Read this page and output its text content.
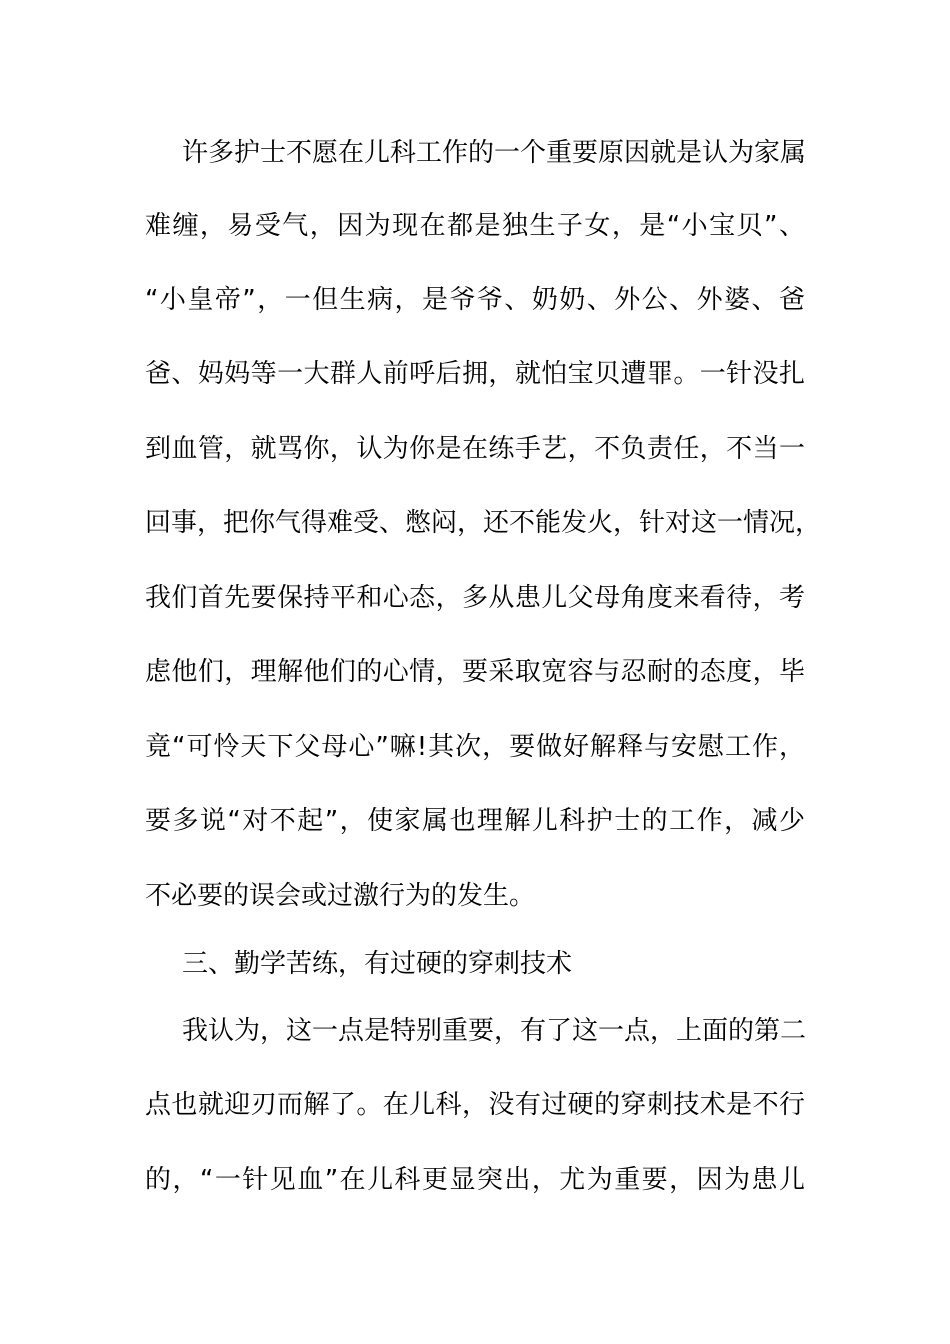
许多护士不愿在儿科工作的一个重要原因就是认为家属
难缠，易受气，因为现在都是独生子女，是“小宝贝”、
“小皇帝”，一但生病，是爷爷、奶奶、外公、外婆、爸
爸、妈妈等一大群人前呼后拥，就怕宝贝遭罪。一针没扎
到血管，就骂你，认为你是在练手艺，不负责任，不当一
回事，把你气得难受、憋闷，还不能发火，针对这一情况，
我们首先要保持平和心态，多从患儿父母角度来看待，考
虑他们，理解他们的心情，要采取宽容与忍耐的态度，毕
竟“可怜天下父母心”嘛!其次，要做好解释与安慰工作，
要多说“对不起”，使家属也理解儿科护士的工作，减少
不必要的误会或过激行为的发生。
三、勤学苦练，有过硬的穿刺技术
我认为，这一点是特别重要，有了这一点，上面的第二
点也就迎刃而解了。在儿科，没有过硬的穿刺技术是不行
的，“一针见血”在儿科更显突出，尤为重要，因为患儿
